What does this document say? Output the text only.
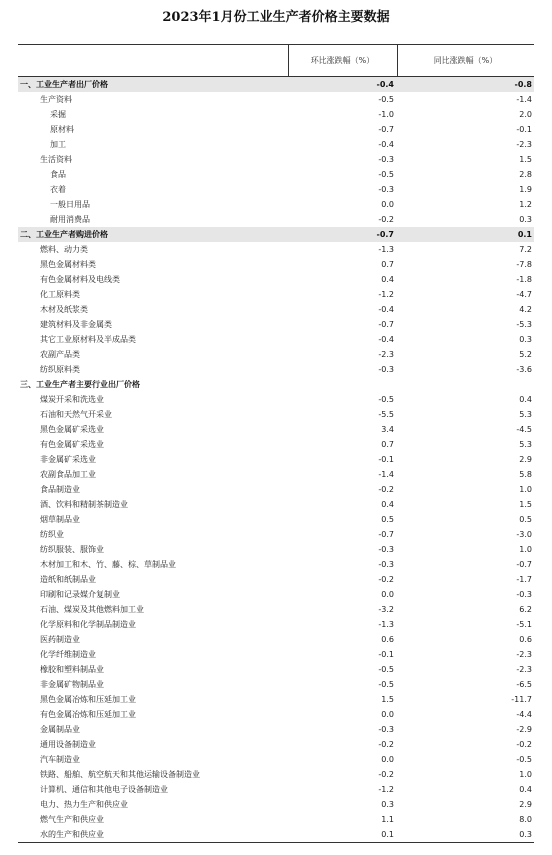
2023年1月份工业生产者价格主要数据
环比涨跌幅（%）	同比涨跌幅（%）
一、工业生产者出厂价格	-0.4	-0.8
生产资料	-0.5	-1.4
采掘	-1.0	2.0
原材料	-0.7	-0.1
加工	-0.4	-2.3
生活资料	-0.3	1.5
食品	-0.5	2.8
衣着	-0.3	1.9
一般日用品	0.0	1.2
耐用消费品	-0.2	0.3
二、工业生产者购进价格	-0.7	0.1
燃料、动力类	-1.3	7.2
黑色金属材料类	0.7	-7.8
有色金属材料及电线类	0.4	-1.8
化工原料类	-1.2	-4.7
木材及纸浆类	-0.4	4.2
建筑材料及非金属类	-0.7	-5.3
其它工业原材料及半成品类	-0.4	0.3
农副产品类	-2.3	5.2
纺织原料类	-0.3	-3.6
三、工业生产者主要行业出厂价格
煤炭开采和洗选业	-0.5	0.4
石油和天然气开采业	-5.5	5.3
黑色金属矿采选业	3.4	-4.5
有色金属矿采选业	0.7	5.3
非金属矿采选业	-0.1	2.9
农副食品加工业	-1.4	5.8
食品制造业	-0.2	1.0
酒、饮料和精制茶制造业	0.4	1.5
烟草制品业	0.5	0.5
纺织业	-0.7	-3.0
纺织服装、服饰业	-0.3	1.0
木材加工和木、竹、藤、棕、草制品业	-0.3	-0.7
造纸和纸制品业	-0.2	-1.7
印刷和记录媒介复制业	0.0	-0.3
石油、煤炭及其他燃料加工业	-3.2	6.2
化学原料和化学制品制造业	-1.3	-5.1
医药制造业	0.6	0.6
化学纤维制造业	-0.1	-2.3
橡胶和塑料制品业	-0.5	-2.3
非金属矿物制品业	-0.5	-6.5
黑色金属冶炼和压延加工业	1.5	-11.7
有色金属冶炼和压延加工业	0.0	-4.4
金属制品业	-0.3	-2.9
通用设备制造业	-0.2	-0.2
汽车制造业	0.0	-0.5
铁路、船舶、航空航天和其他运输设备制造业	-0.2	1.0
计算机、通信和其他电子设备制造业	-1.2	0.4
电力、热力生产和供应业	0.3	2.9
燃气生产和供应业	1.1	8.0
水的生产和供应业	0.1	0.3
